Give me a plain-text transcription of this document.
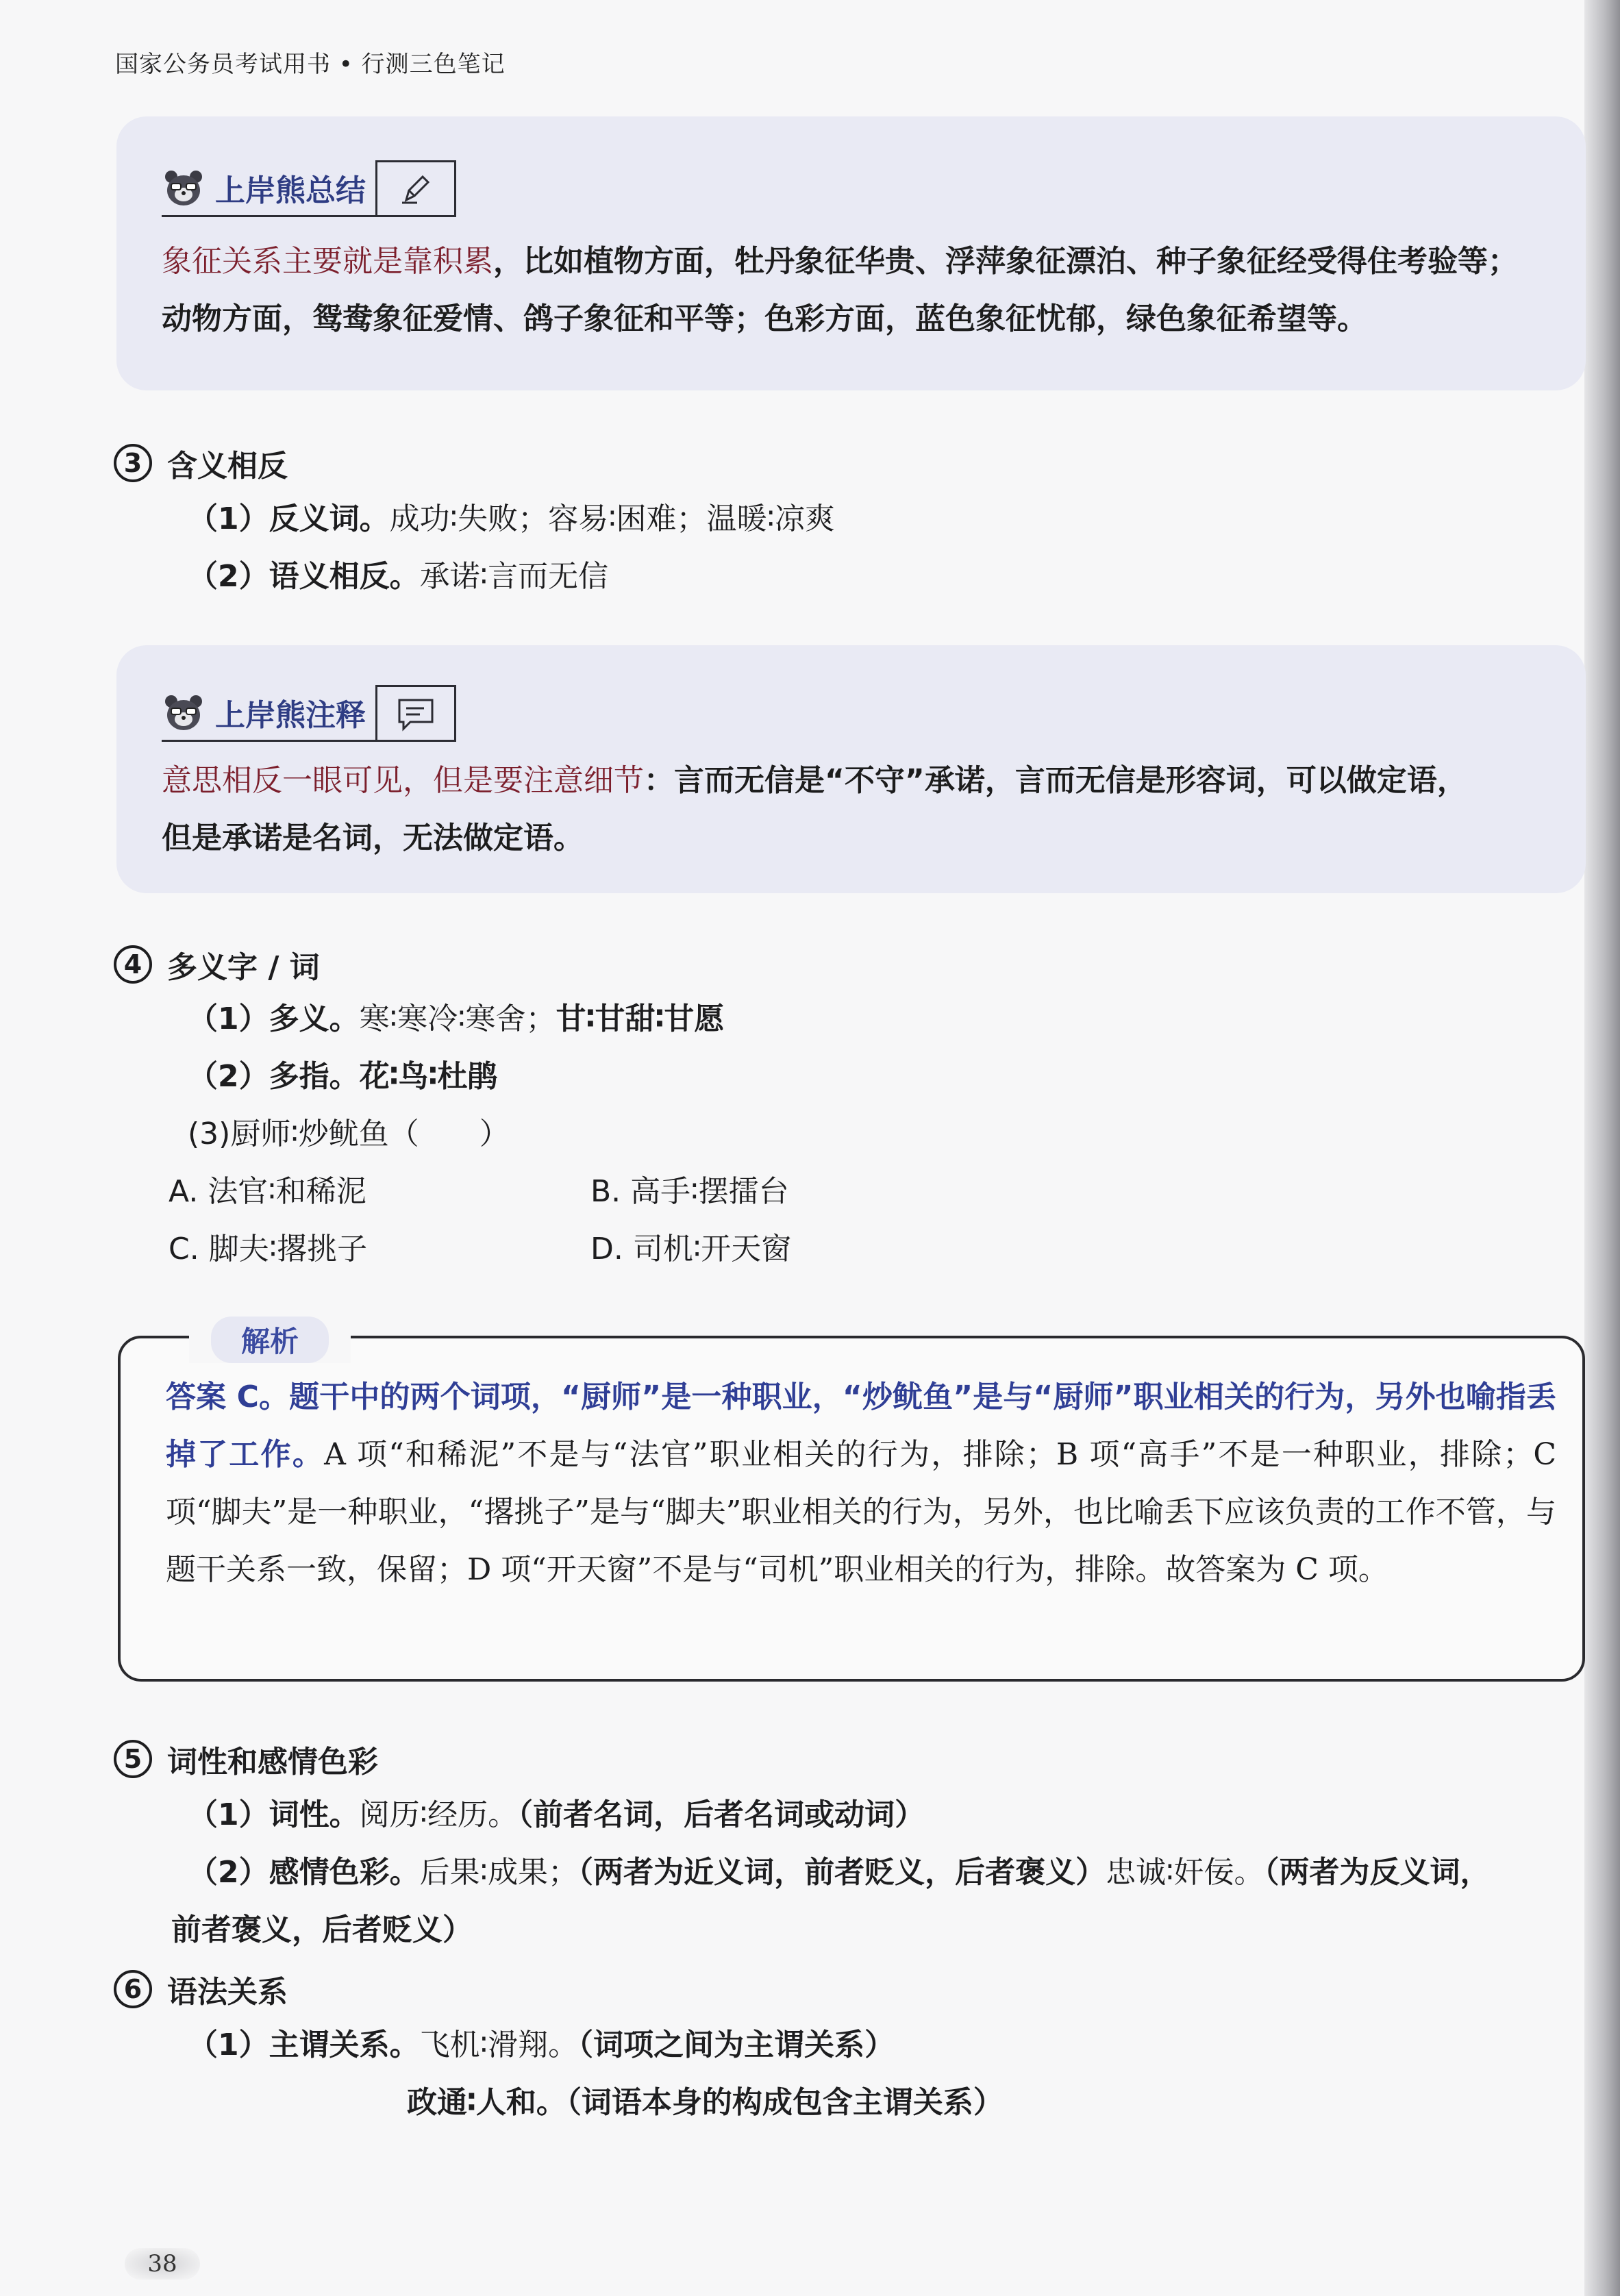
国家公务员考试用书 • 行测三色笔记
上岸熊总结
象征关系主要就是靠积累，比如植物方面，牡丹象征华贵、浮萍象征漂泊、种子象征经受得住考验等；
动物方面，鸳鸯象征爱情、鸽子象征和平等；色彩方面，蓝色象征忧郁，绿色象征希望等。
3 含义相反
（1）反义词。成功∶失败；容易∶困难；温暖∶凉爽
（2）语义相反。承诺∶言而无信
上岸熊注释
意思相反一眼可见，但是要注意细节：言而无信是“不守”承诺，言而无信是形容词，可以做定语，
但是承诺是名词，无法做定语。
4 多义字 / 词
（1）多义。寒∶寒冷∶寒舍；甘∶甘甜∶甘愿
（2）多指。花∶鸟∶杜鹃
(3)厨师∶炒鱿鱼（　　）
A. 法官∶和稀泥	B. 高手∶摆擂台
C. 脚夫∶撂挑子	D. 司机∶开天窗
解析
答案 C。题干中的两个词项，“厨师”是一种职业，“炒鱿鱼”是与“厨师”职业相关的行为，另外也喻指丢掉了工作。A 项“和稀泥”不是与“法官”职业相关的行为，排除；B 项“高手”不是一种职业，排除；C 项“脚夫”是一种职业，“撂挑子”是与“脚夫”职业相关的行为，另外，也比喻丢下应该负责的工作不管，与题干关系一致，保留；D 项“开天窗”不是与“司机”职业相关的行为，排除。故答案为 C 项。
5 词性和感情色彩
（1）词性。阅历∶经历。（前者名词，后者名词或动词）
（2）感情色彩。后果∶成果；（两者为近义词，前者贬义，后者褒义）忠诚∶奸佞。（两者为反义词，
前者褒义，后者贬义）
6 语法关系
（1）主谓关系。飞机∶滑翔。（词项之间为主谓关系）
政通∶人和。（词语本身的构成包含主谓关系）
38
